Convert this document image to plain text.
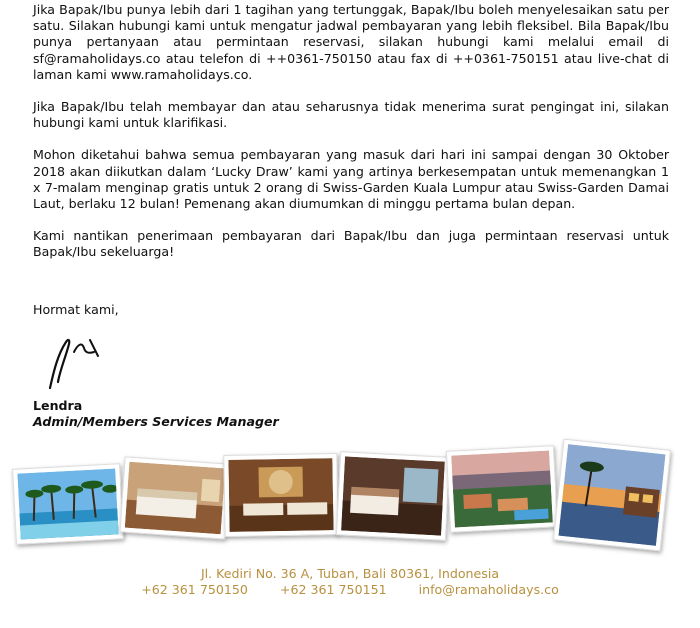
Jika Bapak/Ibu punya lebih dari 1 tagihan yang tertunggak, Bapak/Ibu boleh menyelesaikan satu per satu. Silakan hubungi kami untuk mengatur jadwal pembayaran yang lebih fleksibel. Bila Bapak/Ibu punya pertanyaan atau permintaan reservasi, silakan hubungi kami melalui email di sf@ramaholidays.co atau telefon di ++0361-750150 atau fax di ++0361-750151 atau live-chat di laman kami www.ramaholidays.co.

Jika Bapak/Ibu telah membayar dan atau seharusnya tidak menerima surat pengingat ini, silakan hubungi kami untuk klarifikasi.

Mohon diketahui bahwa semua pembayaran yang masuk dari hari ini sampai dengan 30 Oktober 2018 akan diikutkan dalam ‘Lucky Draw’ kami yang artinya berkesempatan untuk memenangkan 1 x 7-malam menginap gratis untuk 2 orang di Swiss-Garden Kuala Lumpur atau Swiss-Garden Damai Laut, berlaku 12 bulan! Pemenang akan diumumkan di minggu pertama bulan depan.

Kami nantikan penerimaan pembayaran dari Bapak/Ibu dan juga permintaan reservasi untuk Bapak/Ibu sekeluarga!

Hormat kami,

Lendra

Admin/Members Services Manager

Jl. Kediri No. 36 A, Tuban, Bali 80361, Indonesia
+62 361 750150	+62 361 750151	info@ramaholidays.co
